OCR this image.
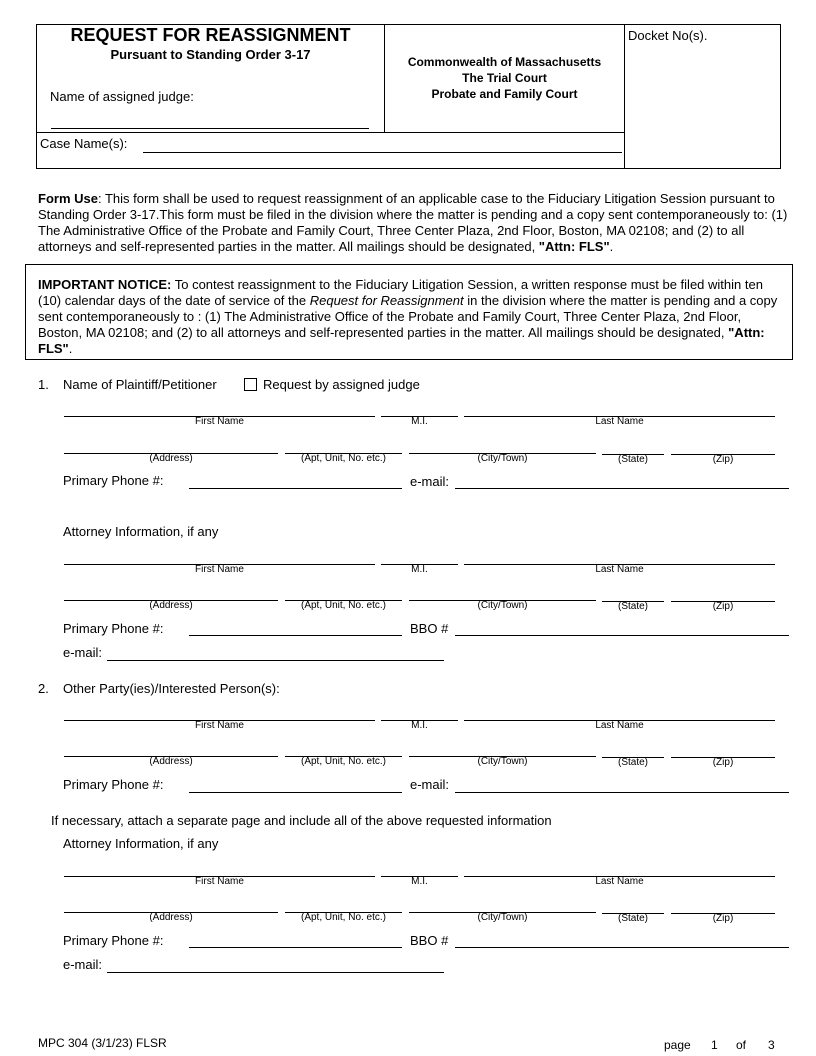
REQUEST FOR REASSIGNMENT
Pursuant to Standing Order 3-17
Name of assigned judge:
Commonwealth of Massachusetts
The Trial Court
Probate and Family Court
Docket No(s).
Case Name(s):
Form Use: This form shall be used to request reassignment of an applicable case to the Fiduciary Litigation Session pursuant to Standing Order 3-17.This form must be filed in the division where the matter is pending and a copy sent contemporaneously to: (1) The Administrative Office of the Probate and Family Court, Three Center Plaza, 2nd Floor, Boston, MA 02108; and (2) to all attorneys and self-represented parties in the matter. All mailings should be designated, "Attn: FLS".
IMPORTANT NOTICE: To contest reassignment to the Fiduciary Litigation Session, a written response must be filed within ten (10) calendar days of the date of service of the Request for Reassignment in the division where the matter is pending and a copy sent contemporaneously to : (1) The Administrative Office of the Probate and Family Court, Three Center Plaza, 2nd Floor, Boston, MA 02108; and (2) to all attorneys and self-represented parties in the matter. All mailings should be designated, "Attn: FLS".
1. Name of Plaintiff/Petitioner	Request by assigned judge
First Name	M.I.	Last Name
(Address)	(Apt, Unit, No. etc.)	(City/Town)	(State)	(Zip)
Primary Phone #:	e-mail:
Attorney Information, if any
First Name	M.I.	Last Name
(Address)	(Apt, Unit, No. etc.)	(City/Town)	(State)	(Zip)
Primary Phone #:	BBO #
e-mail:
2. Other Party(ies)/Interested Person(s):
First Name	M.I.	Last Name
(Address)	(Apt, Unit, No. etc.)	(City/Town)	(State)	(Zip)
Primary Phone #:	e-mail:
If necessary, attach a separate page and include all of the above requested information
Attorney Information, if any
First Name	M.I.	Last Name
(Address)	(Apt, Unit, No. etc.)	(City/Town)	(State)	(Zip)
Primary Phone #:	BBO #
e-mail:
MPC 304 (3/1/23) FLSR	page 1 of 3
